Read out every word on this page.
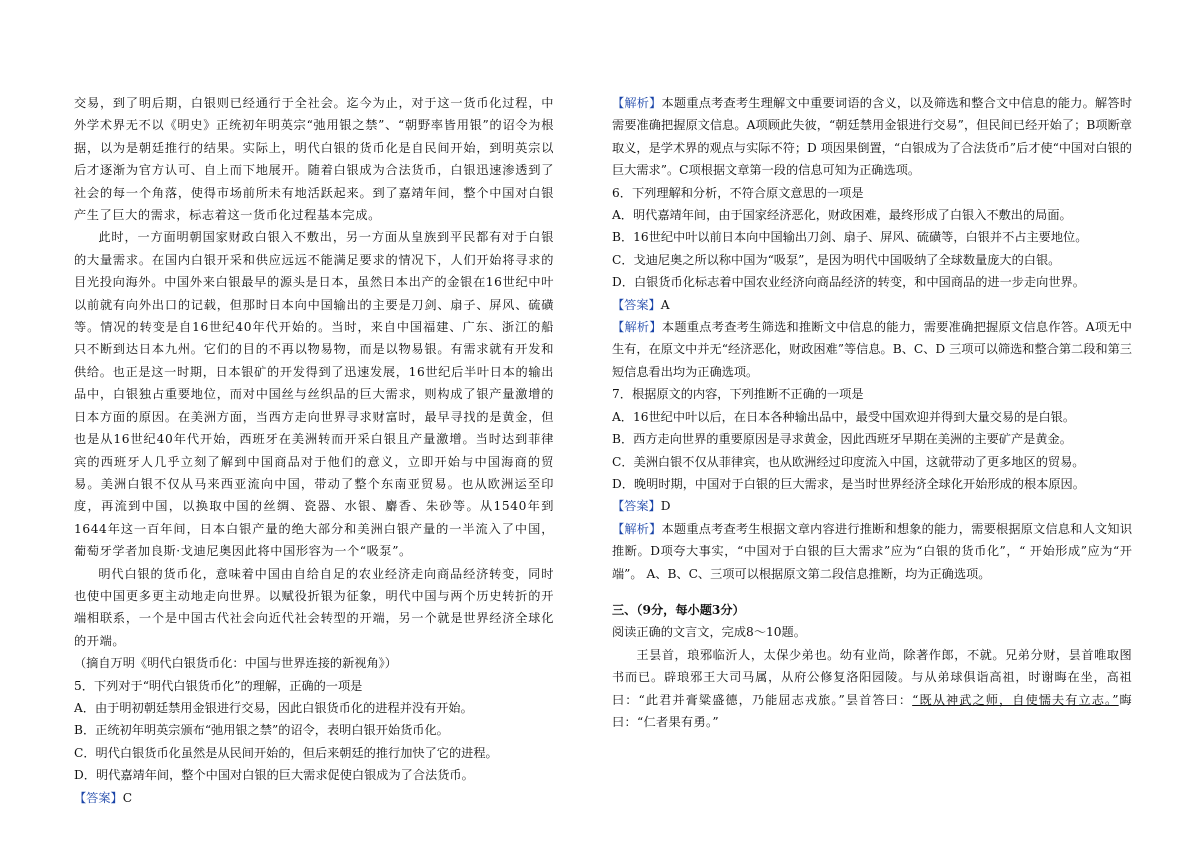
交易，到了明后期，白银则已经通行于全社会。迄今为止，对于这一货币化过程，中外学术界无不以《明史》正统初年明英宗“弛用银之禁”、“朝野率皆用银”的诏令为根据，以为是朝廷推行的结果。实际上，明代白银的货币化是自民间开始，到明英宗以后才逐渐为官方认可、自上而下地展开。随着白银成为合法货币，白银迅速渗透到了社会的每一个角落，使得市场前所未有地活跃起来。到了嘉靖年间，整个中国对白银产生了巨大的需求，标志着这一货币化过程基本完成。

此时，一方面明朝国家财政白银入不敷出，另一方面从皇族到平民都有对于白银的大量需求。在国内白银开采和供应远远不能满足要求的情况下，人们开始将寻求的目光投向海外。中国外来白银最早的源头是日本，虽然日本出产的金银在16世纪中叶以前就有向外出口的记载，但那时日本向中国输出的主要是刀剑、扇子、屏风、硫磺等。情况的转变是自16世纪40年代开始的。当时，来自中国福建、广东、浙江的船只不断到达日本九州。它们的目的不再以物易物，而是以物易银。有需求就有开发和供给。也正是这一时期，日本银矿的开发得到了迅速发展，16世纪后半叶日本的输出品中，白银独占重要地位，而对中国丝与丝织品的巨大需求，则构成了银产量激增的日本方面的原因。在美洲方面，当西方走向世界寻求财富时，最早寻找的是黄金，但也是从16世纪40年代开始，西班牙在美洲转而开采白银且产量激增。当时达到菲律宾的西班牙人几乎立刻了解到中国商品对于他们的意义，立即开始与中国海商的贸易。美洲白银不仅从马来西亚流向中国，带动了整个东南亚贸易。也从欧洲运至印度，再流到中国，以换取中国的丝绸、瓷器、水银、麝香、朱砂等。从1540年到1644年这一百年间，日本白银产量的绝大部分和美洲白银产量的一半流入了中国，葡萄牙学者加良斯·戈迪尼奥因此将中国形容为一个“吸泵”。

明代白银的货币化，意味着中国由自给自足的农业经济走向商品经济转变，同时也使中国更多更主动地走向世界。以赋役折银为征象，明代中国与两个历史转折的开端相联系，一个是中国古代社会向近代社会转型的开端，另一个就是世界经济全球化的开端。

（摘自万明《明代白银货币化：中国与世界连接的新视角》）

5．下列对于“明代白银货币化”的理解，正确的一项是

A．由于明初朝廷禁用金银进行交易，因此白银货币化的进程并没有开始。

B．正统初年明英宗颁布“弛用银之禁”的诏令，表明白银开始货币化。

C．明代白银货币化虽然是从民间开始的，但后来朝廷的推行加快了它的进程。

D．明代嘉靖年间，整个中国对白银的巨大需求促使白银成为了合法货币。

【答案】C

【解析】本题重点考查考生理解文中重要词语的含义，以及筛选和整合文中信息的能力。解答时需要准确把握原文信息。A项顾此失彼，“朝廷禁用金银进行交易”，但民间已经开始了；B项断章取义，是学术界的观点与实际不符；D 项因果倒置，“白银成为了合法货币”后才使“中国对白银的巨大需求”。C项根据文章第一段的信息可知为正确选项。

6．下列理解和分析，不符合原文意思的一项是

A．明代嘉靖年间，由于国家经济恶化，财政困难，最终形成了白银入不敷出的局面。

B．16世纪中叶以前日本向中国输出刀剑、扇子、屏风、硫磺等，白银并不占主要地位。

C．戈迪尼奥之所以称中国为“吸泵”，是因为明代中国吸纳了全球数量庞大的白银。

D．白银货币化标志着中国农业经济向商品经济的转变，和中国商品的进一步走向世界。

【答案】A

【解析】本题重点考查考生筛选和推断文中信息的能力，需要准确把握原文信息作答。A项无中生有，在原文中并无“经济恶化，财政困难”等信息。B、C、D 三项可以筛选和整合第二段和第三短信息看出均为正确选项。

7．根据原文的内容，下列推断不正确的一项是

A．16世纪中叶以后，在日本各种输出品中，最受中国欢迎并得到大量交易的是白银。

B．西方走向世界的重要原因是寻求黄金，因此西班牙早期在美洲的主要矿产是黄金。

C．美洲白银不仅从菲律宾，也从欧洲经过印度流入中国，这就带动了更多地区的贸易。

D．晚明时期，中国对于白银的巨大需求，是当时世界经济全球化开始形成的根本原因。

【答案】D

【解析】本题重点考查考生根据文章内容进行推断和想象的能力，需要根据原文信息和人文知识推断。D项夸大事实，“中国对于白银的巨大需求”应为“白银的货币化”，“ 开始形成”应为“开端”。 A、B、C、三项可以根据原文第二段信息推断，均为正确选项。

三、（9分，每小题3分）

阅读正确的文言文，完成8～10题。

王昙首，琅邪临沂人，太保少弟也。幼有业尚，除著作郎，不就。兄弟分财，昙首唯取图书而已。辟琅邪王大司马属，从府公修复洛阳园陵。与从弟球俱诣高祖，时谢晦在坐，高祖曰：“此君并膏粱盛德，乃能屈志戎旅。”昙首答曰：“既从神武之师，自使懦夫有立志。”晦曰：“仁者果有勇。”
